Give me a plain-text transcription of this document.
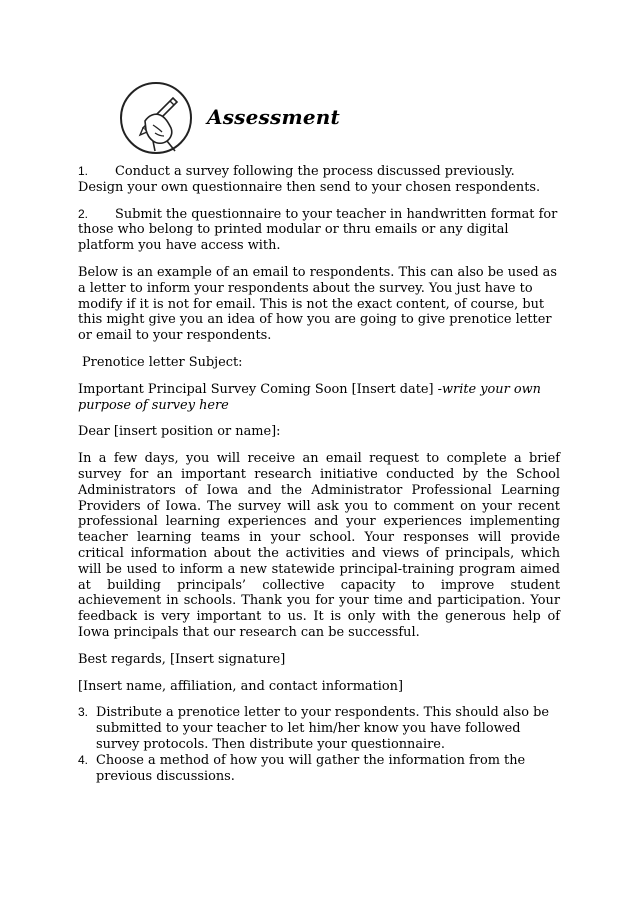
Assessment

1. Conduct a survey following the process discussed previously. Design your own questionnaire then send to your chosen respondents.

2. Submit the questionnaire to your teacher in handwritten format for those who belong to printed modular or thru emails or any digital platform you have access with.

Below is an example of an email to respondents. This can also be used as a letter to inform your respondents about the survey. You just have to modify if it is not for email. This is not the exact content, of course, but this might give you an idea of how you are going to give prenotice letter or email to your respondents.

Prenotice letter Subject:

Important Principal Survey Coming Soon [Insert date] -write your own purpose of survey here

Dear [insert position or name]:

In a few days, you will receive an email request to complete a brief survey for an important research initiative conducted by the School Administrators of Iowa and the Administrator Professional Learning Providers of Iowa. The survey will ask you to comment on your recent professional learning experiences and your experiences implementing teacher learning teams in your school. Your responses will provide critical information about the activities and views of principals, which will be used to inform a new statewide principal-training program aimed at building principals’ collective capacity to improve student achievement in schools. Thank you for your time and participation. Your feedback is very important to us. It is only with the generous help of Iowa principals that our research can be successful.

Best regards, [Insert signature]

[Insert name, affiliation, and contact information]

3. Distribute a prenotice letter to your respondents. This should also be submitted to your teacher to let him/her know you have followed survey protocols. Then distribute your questionnaire.
4. Choose a method of how you will gather the information from the previous discussions.
